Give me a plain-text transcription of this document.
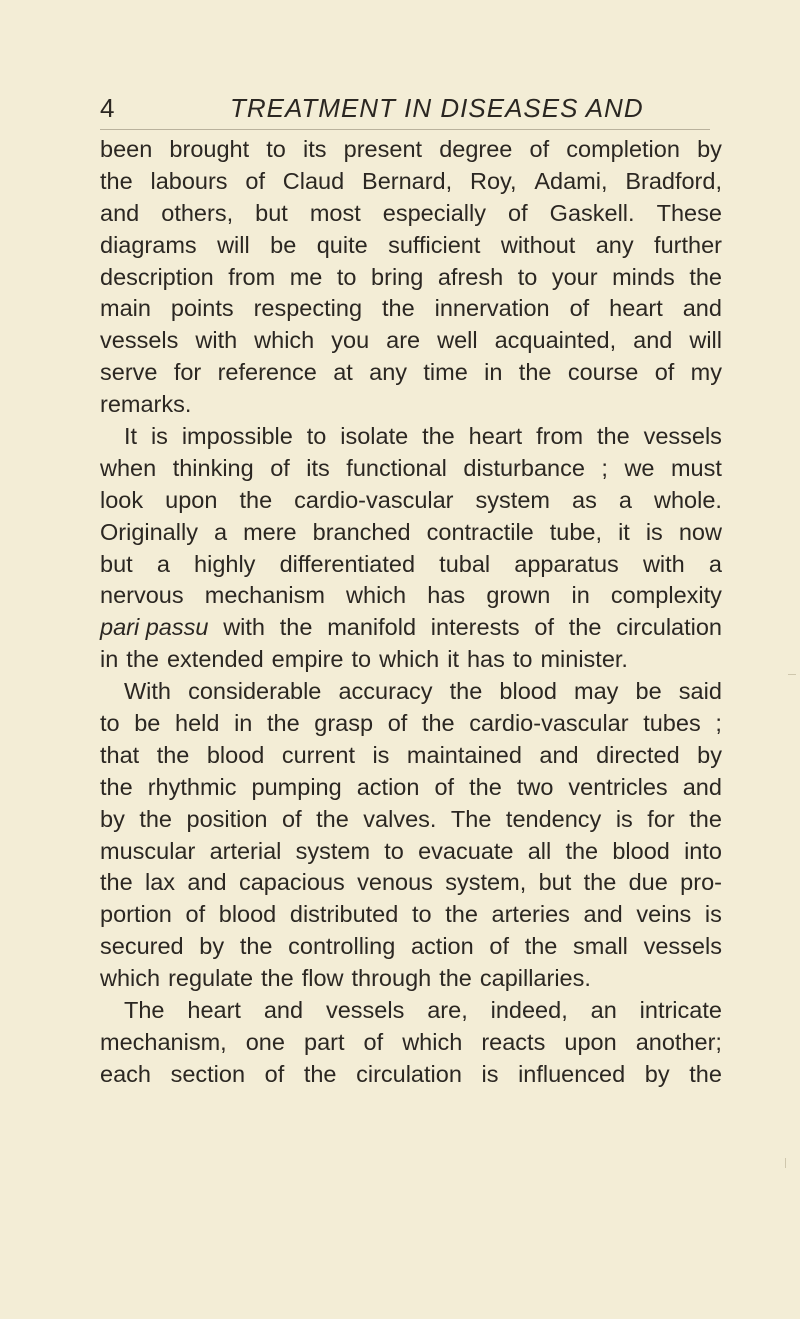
4	TREATMENT IN DISEASES AND
been brought to its present degree of completion by
the labours of Claud Bernard, Roy, Adami, Bradford,
and others, but most especially of Gaskell. These
diagrams will be quite sufficient without any further
description from me to bring afresh to your minds the
main points respecting the innervation of heart and
vessels with which you are well acquainted, and will
serve for reference at any time in the course of my
remarks.
It is impossible to isolate the heart from the vessels
when thinking of its functional disturbance ; we must
look upon the cardio-vascular system as a whole.
Originally a mere branched contractile tube, it is now
but a highly differentiated tubal apparatus with a
nervous mechanism which has grown in complexity
pari passu with the manifold interests of the circulation
in the extended empire to which it has to minister.
With considerable accuracy the blood may be said
to be held in the grasp of the cardio-vascular tubes ;
that the blood current is maintained and directed by
the rhythmic pumping action of the two ventricles and
by the position of the valves. The tendency is for the
muscular arterial system to evacuate all the blood into
the lax and capacious venous system, but the due pro-
portion of blood distributed to the arteries and veins is
secured by the controlling action of the small vessels
which regulate the flow through the capillaries.
The heart and vessels are, indeed, an intricate
mechanism, one part of which reacts upon another;
each section of the circulation is influenced by the
